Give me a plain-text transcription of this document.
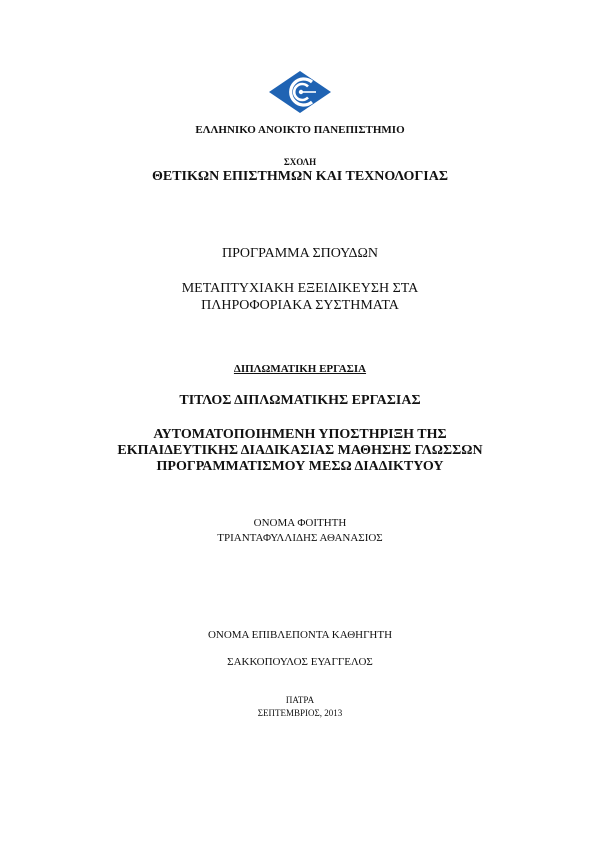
ΕΛΛΗΝΙΚΟ ΑΝΟΙΚΤΟ ΠΑΝΕΠΙΣΤΗΜΙΟ
ΣΧΟΛΗ
ΘΕΤΙΚΩΝ ΕΠΙΣΤΗΜΩΝ ΚΑΙ ΤΕΧΝΟΛΟΓΙΑΣ
ΠΡΟΓΡΑΜΜΑ ΣΠΟΥΔΩΝ
ΜΕΤΑΠΤΥΧΙΑΚΗ ΕΞΕΙΔΙΚΕΥΣΗ ΣΤΑ
ΠΛΗΡΟΦΟΡΙΑΚΑ ΣΥΣΤΗΜΑΤΑ
ΔΙΠΛΩΜΑΤΙΚΗ ΕΡΓΑΣΙΑ
ΤΙΤΛΟΣ ΔΙΠΛΩΜΑΤΙΚΗΣ ΕΡΓΑΣΙΑΣ
ΑΥΤΟΜΑΤΟΠΟΙΗΜΕΝΗ ΥΠΟΣΤΗΡΙΞΗ ΤΗΣ
ΕΚΠΑΙΔΕΥΤΙΚΗΣ ΔΙΑΔΙΚΑΣΙΑΣ ΜΑΘΗΣΗΣ ΓΛΩΣΣΩΝ
ΠΡΟΓΡΑΜΜΑΤΙΣΜΟΥ ΜΕΣΩ ΔΙΑΔΙΚΤΥΟΥ
ΟΝΟΜΑ ΦΟΙΤΗΤΗ
ΤΡΙΑΝΤΑΦΥΛΛΙΔΗΣ ΑΘΑΝΑΣΙΟΣ
ΟΝΟΜΑ ΕΠΙΒΛΕΠΟΝΤΑ ΚΑΘΗΓΗΤΗ
ΣΑΚΚΟΠΟΥΛΟΣ ΕΥΑΓΓΕΛΟΣ
ΠΑΤΡΑ
ΣΕΠΤΕΜΒΡΙΟΣ, 2013
